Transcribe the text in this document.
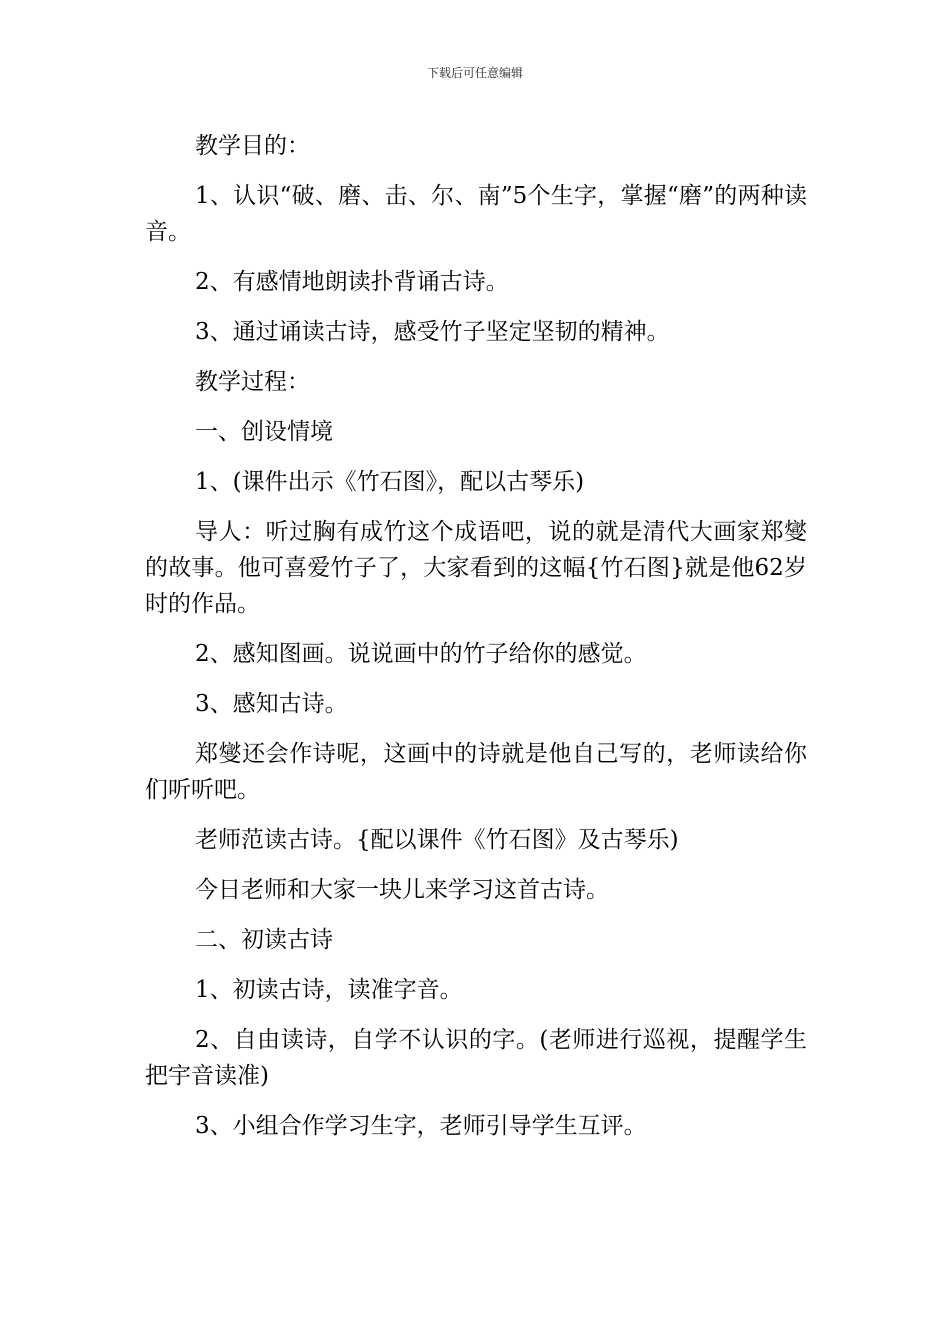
下载后可任意编辑

教学目的：

1、认识“破、磨、击、尔、南”5个生字，掌握“磨”的两种读音。

2、有感情地朗读扑背诵古诗。

3、通过诵读古诗，感受竹子坚定坚韧的精神。

教学过程：

一、创设情境

1、(课件出示《竹石图》，配以古琴乐)

导人：听过胸有成竹这个成语吧，说的就是清代大画家郑燮的故事。他可喜爱竹子了，大家看到的这幅{竹石图}就是他62岁时的作品。

2、感知图画。说说画中的竹子给你的感觉。

3、感知古诗。

郑燮还会作诗呢，这画中的诗就是他自己写的，老师读给你们听听吧。

老师范读古诗。{配以课件《竹石图》及古琴乐)

今日老师和大家一块儿来学习这首古诗。

二、初读古诗

1、初读古诗，读准字音。

2、自由读诗，自学不认识的字。(老师进行巡视，提醒学生把宇音读准)

3、小组合作学习生字，老师引导学生互评。
